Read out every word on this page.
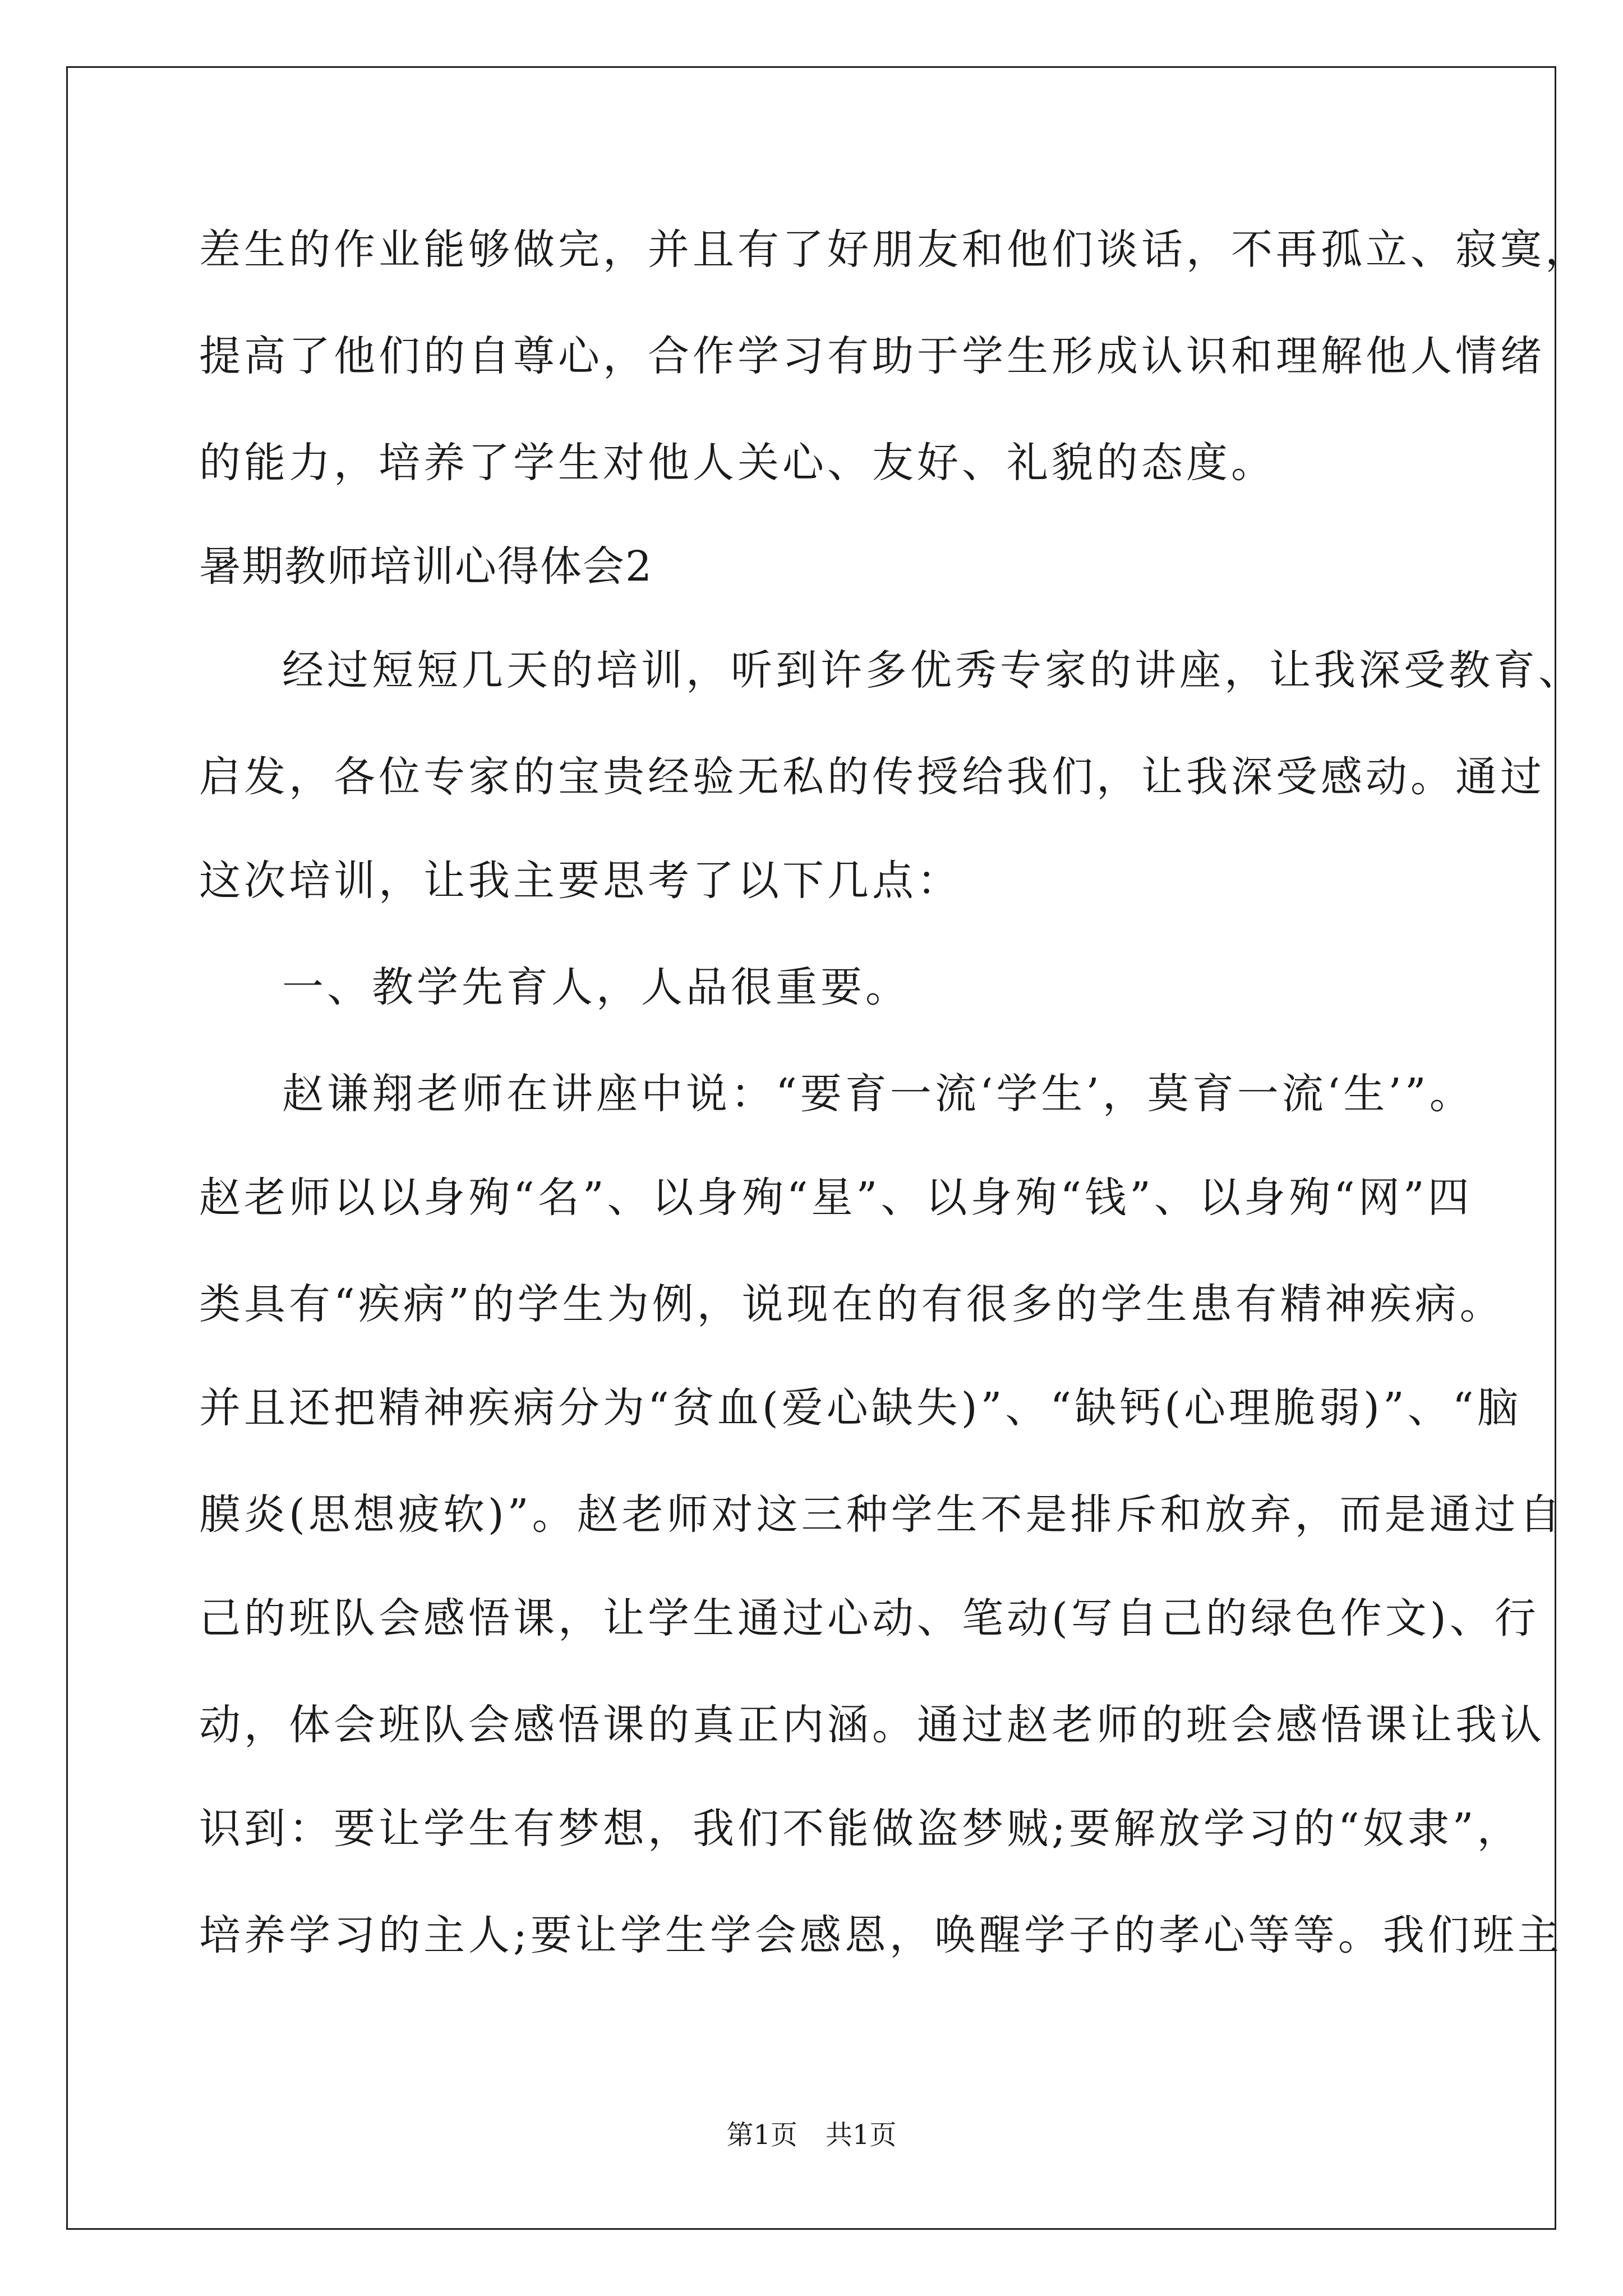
差生的作业能够做完，并且有了好朋友和他们谈话，不再孤立、寂寞，
提高了他们的自尊心，合作学习有助于学生形成认识和理解他人情绪
的能力，培养了学生对他人关心、友好、礼貌的态度。
暑期教师培训心得体会2
经过短短几天的培训，听到许多优秀专家的讲座，让我深受教育、
启发，各位专家的宝贵经验无私的传授给我们，让我深受感动。通过
这次培训，让我主要思考了以下几点：
一、教学先育人，人品很重要。
赵谦翔老师在讲座中说：“要育一流‘学生’，莫育一流‘生’”。
赵老师以以身殉“名”、以身殉“星”、以身殉“钱”、以身殉“网”四
类具有“疾病”的学生为例，说现在的有很多的学生患有精神疾病。
并且还把精神疾病分为“贫血(爱心缺失)”、“缺钙(心理脆弱)”、“脑
膜炎(思想疲软)”。赵老师对这三种学生不是排斥和放弃，而是通过自
己的班队会感悟课，让学生通过心动、笔动(写自己的绿色作文)、行
动，体会班队会感悟课的真正内涵。通过赵老师的班会感悟课让我认
识到：要让学生有梦想，我们不能做盗梦贼;要解放学习的“奴隶”，
培养学习的主人;要让学生学会感恩，唤醒学子的孝心等等。我们班主
第1页 共1页
